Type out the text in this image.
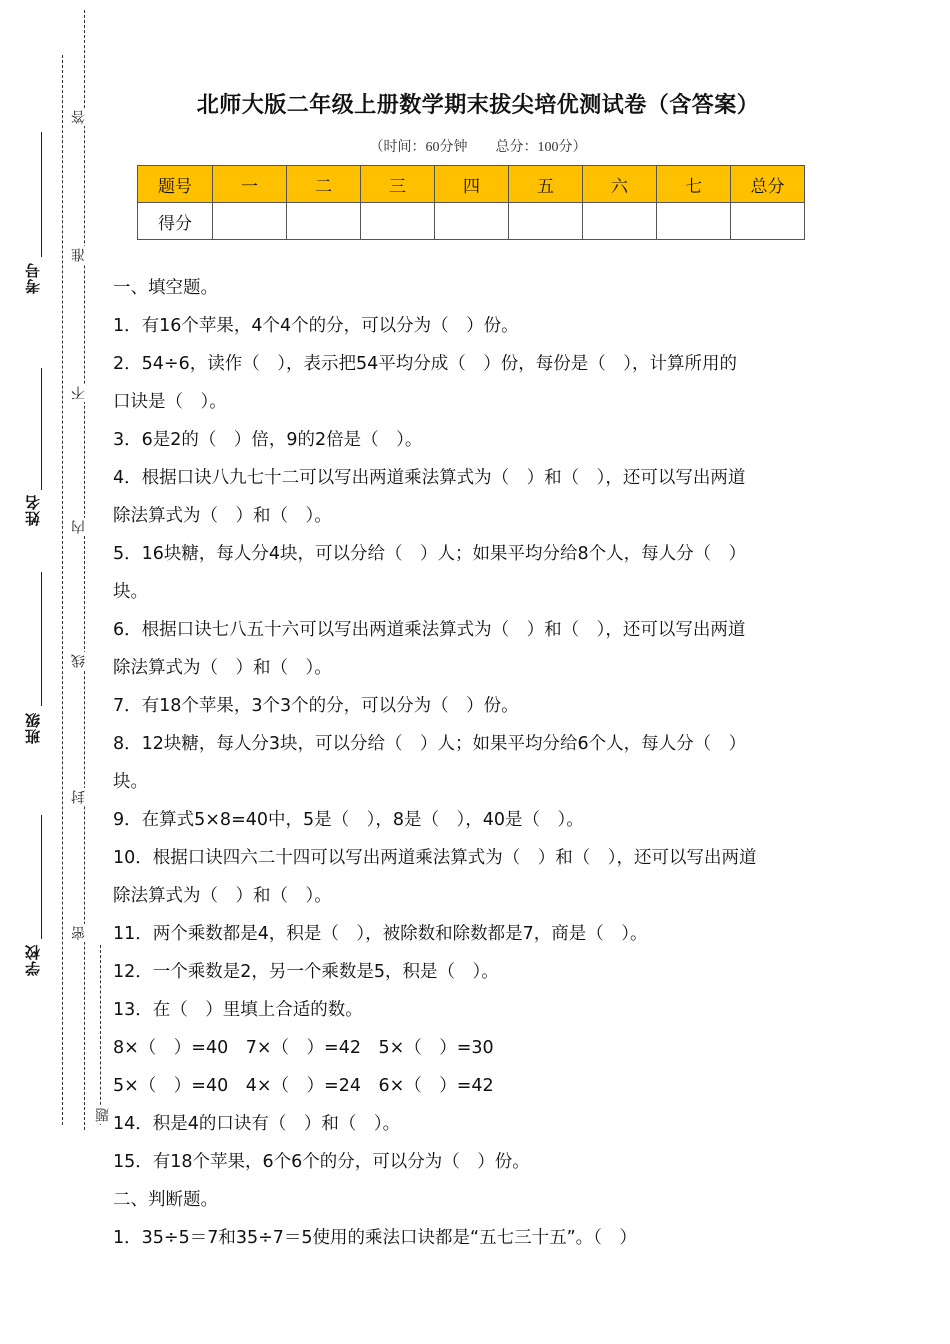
考号
姓名
班级
学校
答
准
不
内
线
封
密
题
北师大版二年级上册数学期末拔尖培优测试卷（含答案）
（时间：60分钟　　总分：100分）
题号	一	二	三	四	五	六	七	总分
得分								
一、填空题。
1．有16个苹果，4个4个的分，可以分为（　）份。
2．54÷6，读作（　），表示把54平均分成（　）份，每份是（　），计算所用的
口诀是（　）。
3．6是2的（　）倍，9的2倍是（　）。
4．根据口诀八九七十二可以写出两道乘法算式为（　）和（　），还可以写出两道
除法算式为（　）和（　）。
5．16块糖，每人分4块，可以分给（　）人；如果平均分给8个人，每人分（　）
块。
6．根据口诀七八五十六可以写出两道乘法算式为（　）和（　），还可以写出两道
除法算式为（　）和（　）。
7．有18个苹果，3个3个的分，可以分为（　）份。
8．12块糖，每人分3块，可以分给（　）人；如果平均分给6个人，每人分（　）
块。
9．在算式5×8=40中，5是（　），8是（　），40是（　）。
10．根据口诀四六二十四可以写出两道乘法算式为（　）和（　），还可以写出两道
除法算式为（　）和（　）。
11．两个乘数都是4，积是（　），被除数和除数都是7，商是（　）。
12．一个乘数是2，另一个乘数是5，积是（　）。
13．在（　）里填上合适的数。
8×（　）=40　7×（　）=42　5×（　）=30
5×（　）=40　4×（　）=24　6×（　）=42
14．积是4的口诀有（　）和（　）。
15．有18个苹果，6个6个的分，可以分为（　）份。
二、判断题。
1．35÷5＝7和35÷7＝5使用的乘法口诀都是“五七三十五”。（　）
